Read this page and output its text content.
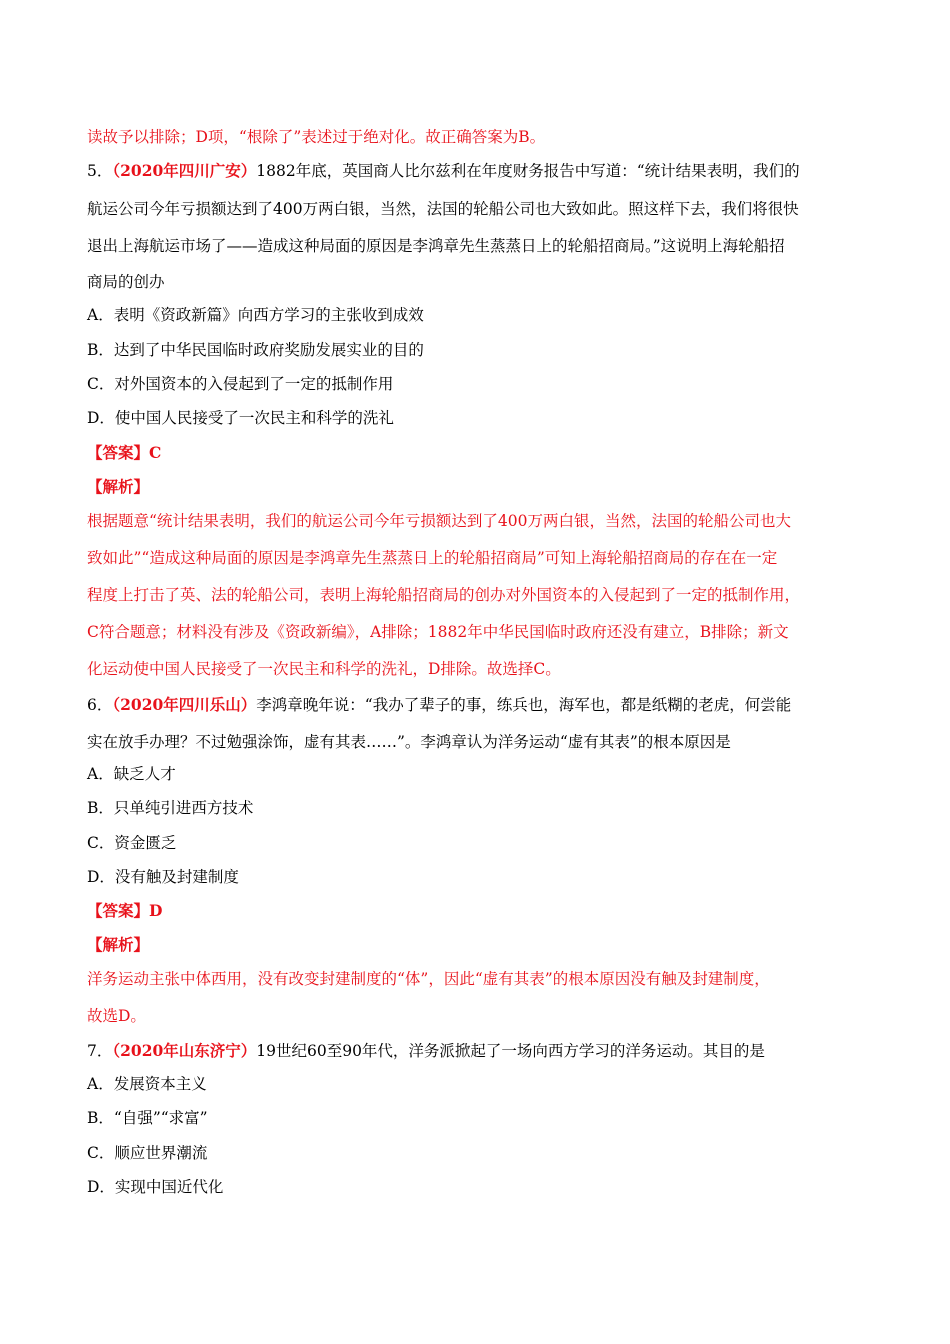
读故予以排除；D项，“根除了”表述过于绝对化。故正确答案为B。
5．（2020年四川广安）1882年底，英国商人比尔兹利在年度财务报告中写道：“统计结果表明，我们的
航运公司今年亏损额达到了400万两白银，当然，法国的轮船公司也大致如此。照这样下去，我们将很快
退出上海航运市场了——造成这种局面的原因是李鸿章先生蒸蒸日上的轮船招商局。”这说明上海轮船招
商局的创办
A．表明《资政新篇》向西方学习的主张收到成效
B．达到了中华民国临时政府奖励发展实业的目的
C．对外国资本的入侵起到了一定的抵制作用
D．使中国人民接受了一次民主和科学的洗礼
【答案】C
【解析】
根据题意“统计结果表明，我们的航运公司今年亏损额达到了400万两白银，当然，法国的轮船公司也大
致如此”“造成这种局面的原因是李鸿章先生蒸蒸日上的轮船招商局”可知上海轮船招商局的存在在一定
程度上打击了英、法的轮船公司，表明上海轮船招商局的创办对外国资本的入侵起到了一定的抵制作用，
C符合题意；材料没有涉及《资政新编》，A排除；1882年中华民国临时政府还没有建立，B排除；新文
化运动使中国人民接受了一次民主和科学的洗礼，D排除。故选择C。
6．（2020年四川乐山）李鸿章晚年说：“我办了辈子的事，练兵也，海军也，都是纸糊的老虎，何尝能
实在放手办理？不过勉强涂饰，虚有其表……”。李鸿章认为洋务运动“虚有其表”的根本原因是
A．缺乏人才
B．只单纯引进西方技术
C．资金匮乏
D．没有触及封建制度
【答案】D
【解析】
洋务运动主张中体西用，没有改变封建制度的“体”，因此“虚有其表”的根本原因没有触及封建制度，
故选D。
7．（2020年山东济宁）19世纪60至90年代，洋务派掀起了一场向西方学习的洋务运动。其目的是
A．发展资本主义
B．“自强”“求富”
C．顺应世界潮流
D．实现中国近代化
